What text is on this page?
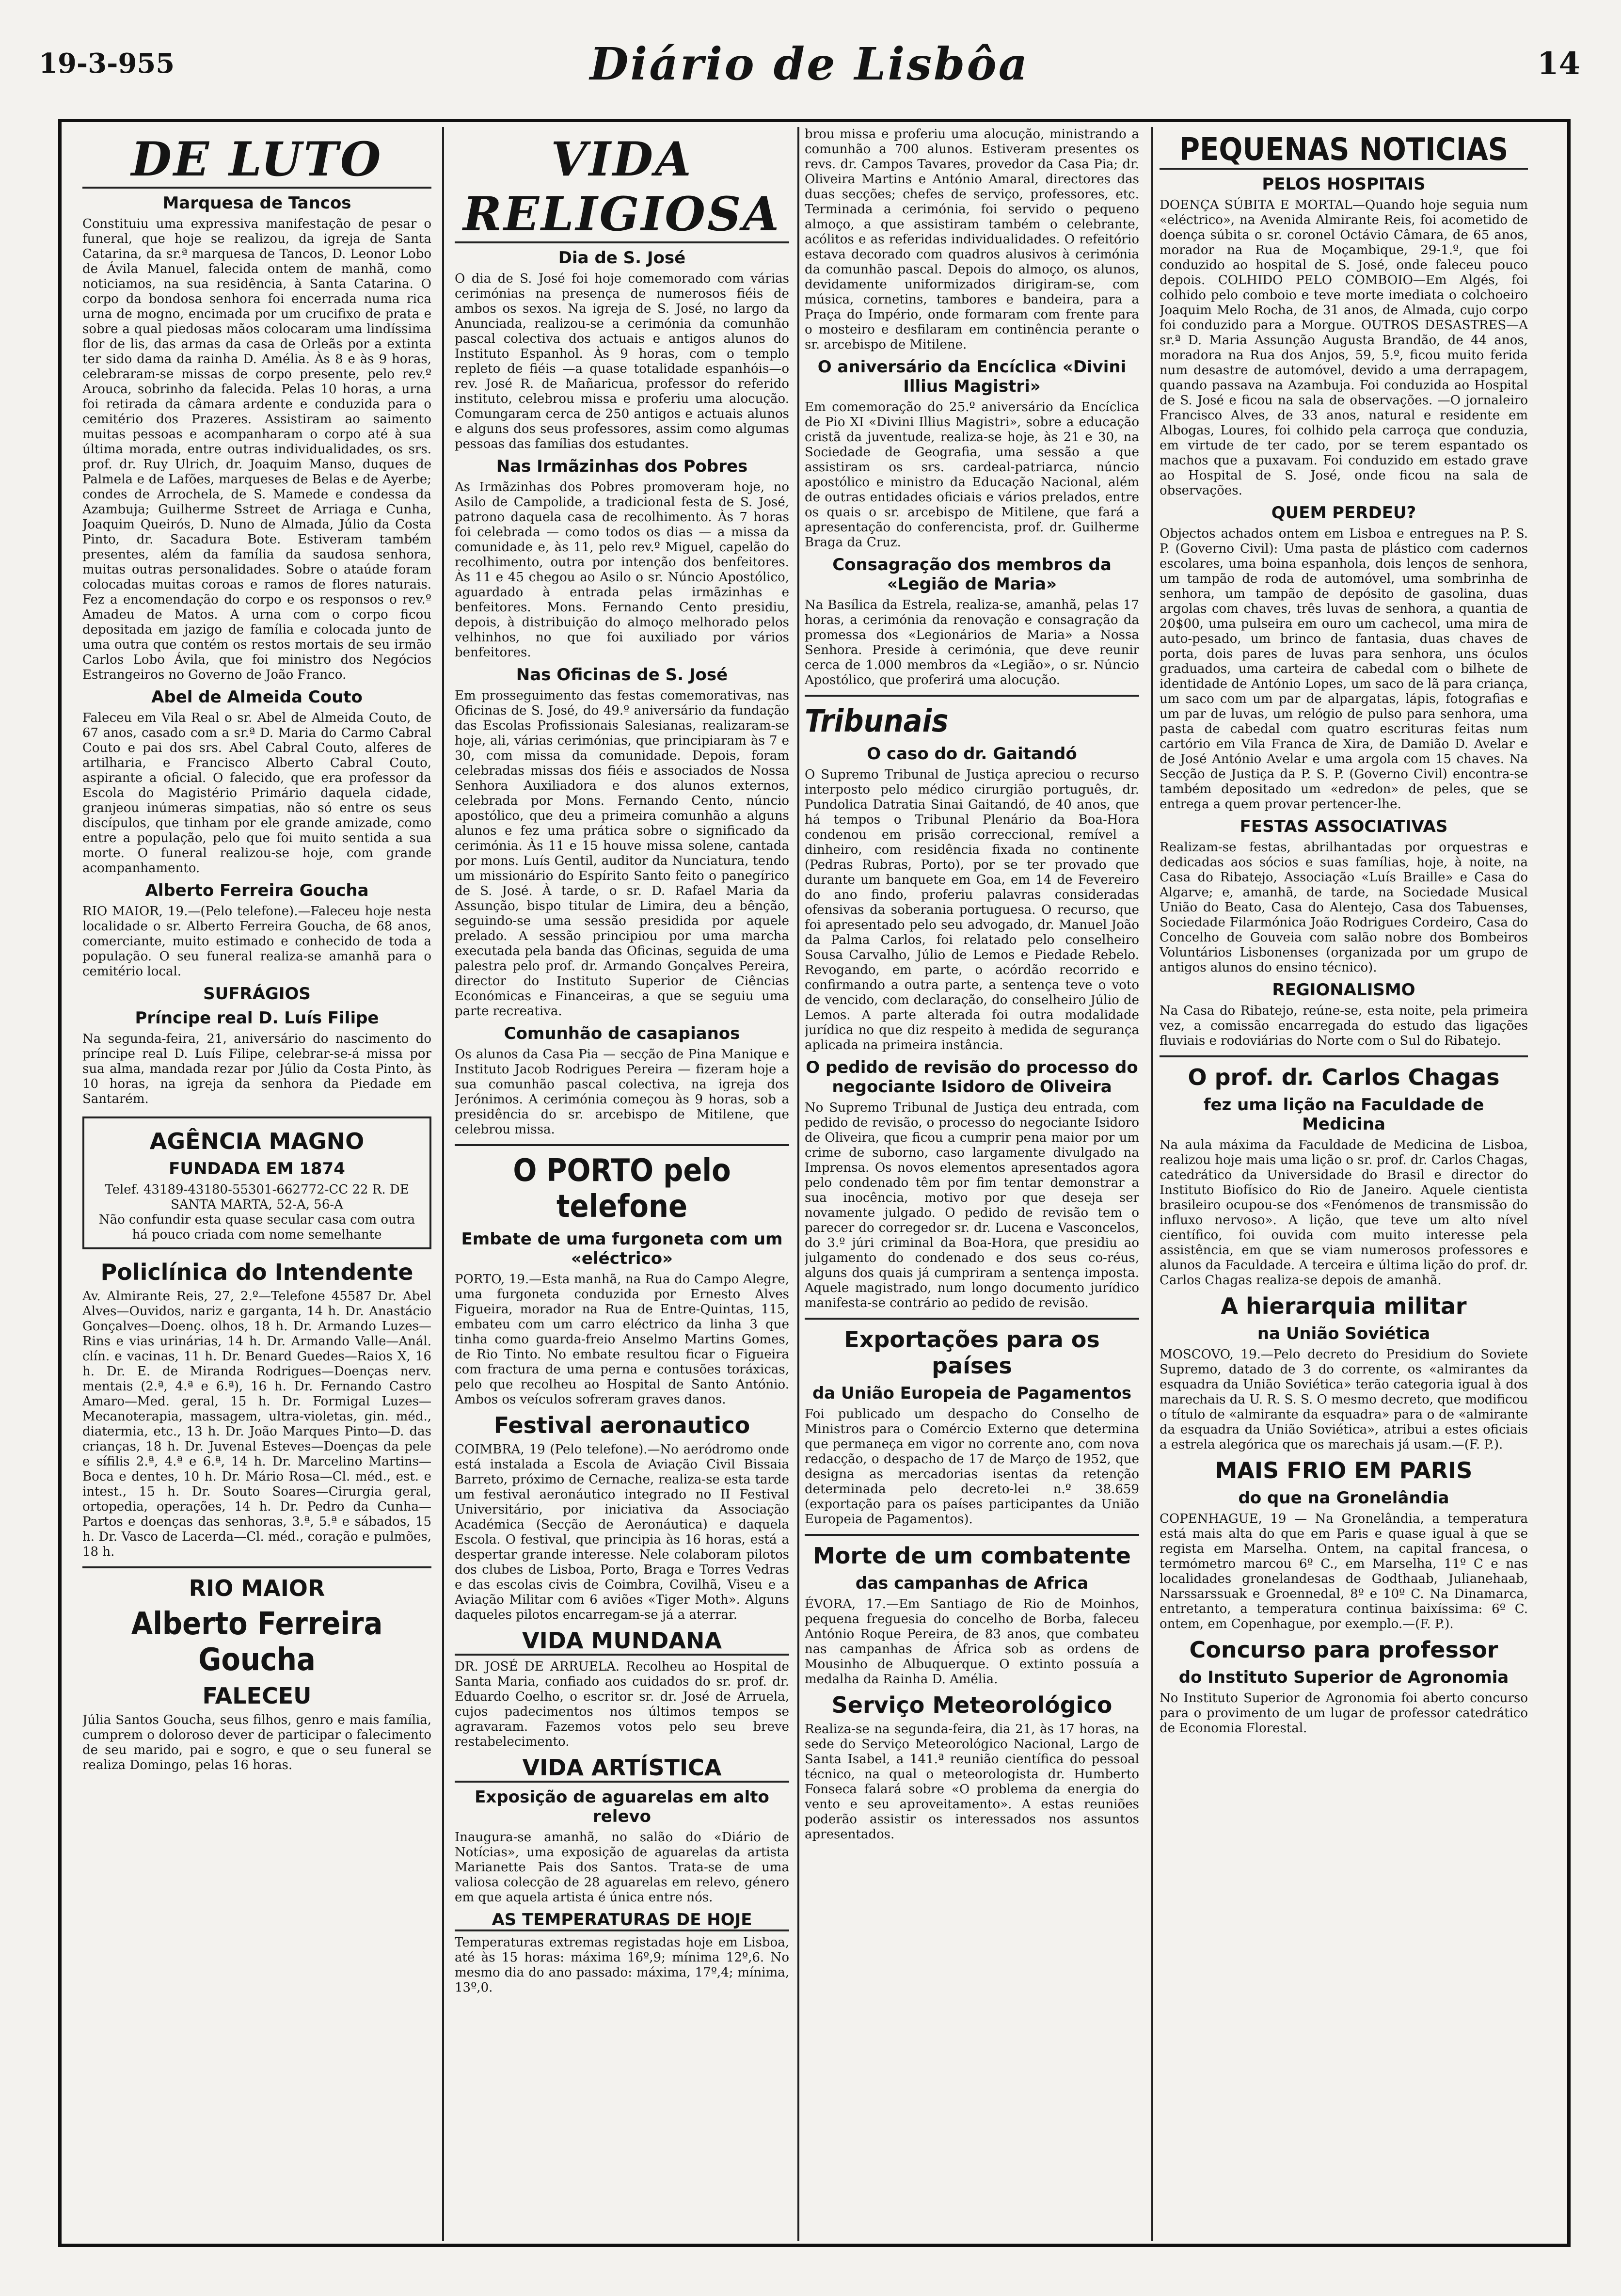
19-3-955	Diário de Lisbôa	14
DE LUTO
Marquesa de Tancos

Constituiu uma expressiva manifestação de pesar o funeral, que hoje se realizou, da igreja de Santa Catarina, da sr.ª marquesa de Tancos, D. Leonor Lobo de Ávila Manuel, falecida ontem de manhã, como noticiamos, na sua residência, à Santa Catarina. O corpo da bondosa senhora foi encerrada numa rica urna de mogno, encimada por um crucifixo de prata e sobre a qual piedosas mãos colocaram uma lindíssima flor de lis, das armas da casa de Orleãs por a extinta ter sido dama da rainha D. Amélia. Às 8 e às 9 horas, celebraram-se missas de corpo presente, pelo rev.º Arouca, sobrinho da falecida. Pelas 10 horas, a urna foi retirada da câmara ardente e conduzida para o cemitério dos Prazeres. Assistiram ao saimento muitas pessoas e acompanharam o corpo até à sua última morada, entre outras individualidades, os srs. prof. dr. Ruy Ulrich, dr. Joaquim Manso, duques de Palmela e de Lafões, marqueses de Belas e de Ayerbe; condes de Arrochela, de S. Mamede e condessa da Azambuja; Guilherme Sstreet de Arriaga e Cunha, Joaquim Queirós, D. Nuno de Almada, Júlio da Costa Pinto, dr. Sacadura Bote. Estiveram também presentes, além da família da saudosa senhora, muitas outras personalidades. Sobre o ataúde foram colocadas muitas coroas e ramos de flores naturais. Fez a encomendação do corpo e os responsos o rev.º Amadeu de Matos. A urna com o corpo ficou depositada em jazigo de família e colocada junto de uma outra que contém os restos mortais de seu irmão Carlos Lobo Ávila, que foi ministro dos Negócios Estrangeiros no Governo de João Franco.

Abel de Almeida Couto

Faleceu em Vila Real o sr. Abel de Almeida Couto, de 67 anos, casado com a sr.ª D. Maria do Carmo Cabral Couto e pai dos srs. Abel Cabral Couto, alferes de artilharia, e Francisco Alberto Cabral Couto, aspirante a oficial. O falecido, que era professor da Escola do Magistério Primário daquela cidade, granjeou inúmeras simpatias, não só entre os seus discípulos, que tinham por ele grande amizade, como entre a população, pelo que foi muito sentida a sua morte. O funeral realizou-se hoje, com grande acompanhamento.

Alberto Ferreira Goucha

RIO MAIOR, 19.—(Pelo telefone).—Faleceu hoje nesta localidade o sr. Alberto Ferreira Goucha, de 68 anos, comerciante, muito estimado e conhecido de toda a população. O seu funeral realiza-se amanhã para o cemitério local.

SUFRÁGIOS
Príncipe real D. Luís Filipe

Na segunda-feira, 21, aniversário do nascimento do príncipe real D. Luís Filipe, celebrar-se-á missa por sua alma, mandada rezar por Júlio da Costa Pinto, às 10 horas, na igreja da senhora da Piedade em Santarém.

AGÊNCIA MAGNO
FUNDADA EM 1874

Telef. 43189-43180-55301-662772-CC 22 R. DE SANTA MARTA, 52-A, 56-A

Não confundir esta quase secular casa com outra há pouco criada com nome semelhante

Policlínica do Intendente

Av. Almirante Reis, 27, 2.º—Telefone 45587 Dr. Abel Alves—Ouvidos, nariz e garganta, 14 h. Dr. Anastácio Gonçalves—Doenç. olhos, 18 h. Dr. Armando Luzes—Rins e vias urinárias, 14 h. Dr. Armando Valle—Anál. clín. e vacinas, 11 h. Dr. Benard Guedes—Raios X, 16 h. Dr. E. de Miranda Rodrigues—Doenças nerv. mentais (2.ª, 4.ª e 6.ª), 16 h. Dr. Fernando Castro Amaro—Med. geral, 15 h. Dr. Formigal Luzes—Mecanoterapia, massagem, ultra-violetas, gin. méd., diatermia, etc., 13 h. Dr. João Marques Pinto—D. das crianças, 18 h. Dr. Juvenal Esteves—Doenças da pele e sífilis 2.ª, 4.ª e 6.ª, 14 h. Dr. Marcelino Martins—Boca e dentes, 10 h. Dr. Mário Rosa—Cl. méd., est. e intest., 15 h. Dr. Souto Soares—Cirurgia geral, ortopedia, operações, 14 h. Dr. Pedro da Cunha—Partos e doenças das senhoras, 3.ª, 5.ª e sábados, 15 h. Dr. Vasco de Lacerda—Cl. méd., coração e pulmões, 18 h.

RIO MAIOR
Alberto Ferreira Goucha
FALECEU

Júlia Santos Goucha, seus filhos, genro e mais família, cumprem o doloroso dever de participar o falecimento de seu marido, pai e sogro, e que o seu funeral se realiza Domingo, pelas 16 horas.

VIDA RELIGIOSA
Dia de S. José

O dia de S. José foi hoje comemorado com várias cerimónias na presença de numerosos fiéis de ambos os sexos. Na igreja de S. José, no largo da Anunciada, realizou-se a cerimónia da comunhão pascal colectiva dos actuais e antigos alunos do Instituto Espanhol. Às 9 horas, com o templo repleto de fiéis —a quase totalidade espanhóis—o rev. José R. de Mañaricua, professor do referido instituto, celebrou missa e proferiu uma alocução. Comungaram cerca de 250 antigos e actuais alunos e alguns dos seus professores, assim como algumas pessoas das famílias dos estudantes.

Nas Irmãzinhas dos Pobres

As Irmãzinhas dos Pobres promoveram hoje, no Asilo de Campolide, a tradicional festa de S. José, patrono daquela casa de recolhimento. Às 7 horas foi celebrada — como todos os dias — a missa da comunidade e, às 11, pelo rev.º Miguel, capelão do recolhimento, outra por intenção dos benfeitores. Às 11 e 45 chegou ao Asilo o sr. Núncio Apostólico, aguardado à entrada pelas irmãzinhas e benfeitores. Mons. Fernando Cento presidiu, depois, à distribuição do almoço melhorado pelos velhinhos, no que foi auxiliado por vários benfeitores.

Nas Oficinas de S. José

Em prosseguimento das festas comemorativas, nas Oficinas de S. José, do 49.º aniversário da fundação das Escolas Profissionais Salesianas, realizaram-se hoje, ali, várias cerimónias, que principiaram às 7 e 30, com missa da comunidade. Depois, foram celebradas missas dos fiéis e associados de Nossa Senhora Auxiliadora e dos alunos externos, celebrada por Mons. Fernando Cento, núncio apostólico, que deu a primeira comunhão a alguns alunos e fez uma prática sobre o significado da cerimónia. Às 11 e 15 houve missa solene, cantada por mons. Luís Gentil, auditor da Nunciatura, tendo um missionário do Espírito Santo feito o panegírico de S. José. À tarde, o sr. D. Rafael Maria da Assunção, bispo titular de Limira, deu a bênção, seguindo-se uma sessão presidida por aquele prelado. A sessão principiou por uma marcha executada pela banda das Oficinas, seguida de uma palestra pelo prof. dr. Armando Gonçalves Pereira, director do Instituto Superior de Ciências Económicas e Financeiras, a que se seguiu uma parte recreativa.

Comunhão de casapianos

Os alunos da Casa Pia — secção de Pina Manique e Instituto Jacob Rodrigues Pereira — fizeram hoje a sua comunhão pascal colectiva, na igreja dos Jerónimos. A cerimónia começou às 9 horas, sob a presidência do sr. arcebispo de Mitilene, que celebrou missa.

O PORTO pelo telefone
Embate de uma furgoneta com um «eléctrico»

PORTO, 19.—Esta manhã, na Rua do Campo Alegre, uma furgoneta conduzida por Ernesto Alves Figueira, morador na Rua de Entre-Quintas, 115, embateu com um carro eléctrico da linha 3 que tinha como guarda-freio Anselmo Martins Gomes, de Rio Tinto. No embate resultou ficar o Figueira com fractura de uma perna e contusões toráxicas, pelo que recolheu ao Hospital de Santo António. Ambos os veículos sofreram graves danos.

Festival aeronautico

COIMBRA, 19 (Pelo telefone).—No aeródromo onde está instalada a Escola de Aviação Civil Bissaia Barreto, próximo de Cernache, realiza-se esta tarde um festival aeronáutico integrado no II Festival Universitário, por iniciativa da Associação Académica (Secção de Aeronáutica) e daquela Escola. O festival, que principia às 16 horas, está a despertar grande interesse. Nele colaboram pilotos dos clubes de Lisboa, Porto, Braga e Torres Vedras e das escolas civis de Coimbra, Covilhã, Viseu e a Aviação Militar com 6 aviões «Tiger Moth». Alguns daqueles pilotos encarregam-se já a aterrar.

VIDA MUNDANA

DR. JOSÉ DE ARRUELA. Recolheu ao Hospital de Santa Maria, confiado aos cuidados do sr. prof. dr. Eduardo Coelho, o escritor sr. dr. José de Arruela, cujos padecimentos nos últimos tempos se agravaram. Fazemos votos pelo seu breve restabelecimento.

VIDA ARTÍSTICA
Exposição de aguarelas em alto relevo

Inaugura-se amanhã, no salão do «Diário de Notícias», uma exposição de aguarelas da artista Marianette Pais dos Santos. Trata-se de uma valiosa colecção de 28 aguarelas em relevo, género em que aquela artista é única entre nós.

AS TEMPERATURAS DE HOJE

Temperaturas extremas registadas hoje em Lisboa, até às 15 horas: máxima 16º,9; mínima 12º,6. No mesmo dia do ano passado: máxima, 17º,4; mínima, 13º,0.

brou missa e proferiu uma alocução, ministrando a comunhão a 700 alunos. Estiveram presentes os revs. dr. Campos Tavares, provedor da Casa Pia; dr. Oliveira Martins e António Amaral, directores das duas secções; chefes de serviço, professores, etc. Terminada a cerimónia, foi servido o pequeno almoço, a que assistiram também o celebrante, acólitos e as referidas individualidades. O refeitório estava decorado com quadros alusivos à cerimónia da comunhão pascal. Depois do almoço, os alunos, devidamente uniformizados dirigiram-se, com música, cornetins, tambores e bandeira, para a Praça do Império, onde formaram com frente para o mosteiro e desfilaram em continência perante o sr. arcebispo de Mitilene.

O aniversário da Encíclica «Divini Illius Magistri»

Em comemoração do 25.º aniversário da Encíclica de Pio XI «Divini Illius Magistri», sobre a educação cristã da juventude, realiza-se hoje, às 21 e 30, na Sociedade de Geografia, uma sessão a que assistiram os srs. cardeal-patriarca, núncio apostólico e ministro da Educação Nacional, além de outras entidades oficiais e vários prelados, entre os quais o sr. arcebispo de Mitilene, que fará a apresentação do conferencista, prof. dr. Guilherme Braga da Cruz.

Consagração dos membros da «Legião de Maria»

Na Basílica da Estrela, realiza-se, amanhã, pelas 17 horas, a cerimónia da renovação e consagração da promessa dos «Legionários de Maria» a Nossa Senhora. Preside à cerimónia, que deve reunir cerca de 1.000 membros da «Legião», o sr. Núncio Apostólico, que proferirá uma alocução.

Tribunais
O caso do dr. Gaitandó

O Supremo Tribunal de Justiça apreciou o recurso interposto pelo médico cirurgião português, dr. Pundolica Datratia Sinai Gaitandó, de 40 anos, que há tempos o Tribunal Plenário da Boa-Hora condenou em prisão correccional, remível a dinheiro, com residência fixada no continente (Pedras Rubras, Porto), por se ter provado que durante um banquete em Goa, em 14 de Fevereiro do ano findo, proferiu palavras consideradas ofensivas da soberania portuguesa. O recurso, que foi apresentado pelo seu advogado, dr. Manuel João da Palma Carlos, foi relatado pelo conselheiro Sousa Carvalho, Júlio de Lemos e Piedade Rebelo. Revogando, em parte, o acórdão recorrido e confirmando a outra parte, a sentença teve o voto de vencido, com declaração, do conselheiro Júlio de Lemos. A parte alterada foi outra modalidade jurídica no que diz respeito à medida de segurança aplicada na primeira instância.

O pedido de revisão do processo do negociante Isidoro de Oliveira

No Supremo Tribunal de Justiça deu entrada, com pedido de revisão, o processo do negociante Isidoro de Oliveira, que ficou a cumprir pena maior por um crime de suborno, caso largamente divulgado na Imprensa. Os novos elementos apresentados agora pelo condenado têm por fim tentar demonstrar a sua inocência, motivo por que deseja ser novamente julgado. O pedido de revisão tem o parecer do corregedor sr. dr. Lucena e Vasconcelos, do 3.º júri criminal da Boa-Hora, que presidiu ao julgamento do condenado e dos seus co-réus, alguns dos quais já cumpriram a sentença imposta. Aquele magistrado, num longo documento jurídico manifesta-se contrário ao pedido de revisão.

Exportações para os países
da União Europeia de Pagamentos

Foi publicado um despacho do Conselho de Ministros para o Comércio Externo que determina que permaneça em vigor no corrente ano, com nova redacção, o despacho de 17 de Março de 1952, que designa as mercadorias isentas da retenção determinada pelo decreto-lei n.º 38.659 (exportação para os países participantes da União Europeia de Pagamentos).

Morte de um combatente
das campanhas de Africa

ÉVORA, 17.—Em Santiago de Rio de Moinhos, pequena freguesia do concelho de Borba, faleceu António Roque Pereira, de 83 anos, que combateu nas campanhas de África sob as ordens de Mousinho de Albuquerque. O extinto possuía a medalha da Rainha D. Amélia.

Serviço Meteorológico

Realiza-se na segunda-feira, dia 21, às 17 horas, na sede do Serviço Meteorológico Nacional, Largo de Santa Isabel, a 141.ª reunião científica do pessoal técnico, na qual o meteorologista dr. Humberto Fonseca falará sobre «O problema da energia do vento e seu aproveitamento». A estas reuniões poderão assistir os interessados nos assuntos apresentados.

PEQUENAS NOTICIAS
PELOS HOSPITAIS

DOENÇA SÚBITA E MORTAL—Quando hoje seguia num «eléctrico», na Avenida Almirante Reis, foi acometido de doença súbita o sr. coronel Octávio Câmara, de 65 anos, morador na Rua de Moçambique, 29-1.º, que foi conduzido ao hospital de S. José, onde faleceu pouco depois. COLHIDO PELO COMBOIO—Em Algés, foi colhido pelo comboio e teve morte imediata o colchoeiro Joaquim Melo Rocha, de 31 anos, de Almada, cujo corpo foi conduzido para a Morgue. OUTROS DESASTRES—A sr.ª D. Maria Assunção Augusta Brandão, de 44 anos, moradora na Rua dos Anjos, 59, 5.º, ficou muito ferida num desastre de automóvel, devido a uma derrapagem, quando passava na Azambuja. Foi conduzida ao Hospital de S. José e ficou na sala de observações. —O jornaleiro Francisco Alves, de 33 anos, natural e residente em Albogas, Loures, foi colhido pela carroça que conduzia, em virtude de ter cado, por se terem espantado os machos que a puxavam. Foi conduzido em estado grave ao Hospital de S. José, onde ficou na sala de observações.

QUEM PERDEU?

Objectos achados ontem em Lisboa e entregues na P. S. P. (Governo Civil): Uma pasta de plástico com cadernos escolares, uma boina espanhola, dois lenços de senhora, um tampão de roda de automóvel, uma sombrinha de senhora, um tampão de depósito de gasolina, duas argolas com chaves, três luvas de senhora, a quantia de 20$00, uma pulseira em ouro um cachecol, uma mira de auto-pesado, um brinco de fantasia, duas chaves de porta, dois pares de luvas para senhora, uns óculos graduados, uma carteira de cabedal com o bilhete de identidade de António Lopes, um saco de lã para criança, um saco com um par de alpargatas, lápis, fotografias e um par de luvas, um relógio de pulso para senhora, uma pasta de cabedal com quatro escrituras feitas num cartório em Vila Franca de Xira, de Damião D. Avelar e de José António Avelar e uma argola com 15 chaves. Na Secção de Justiça da P. S. P. (Governo Civil) encontra-se também depositado um «edredon» de peles, que se entrega a quem provar pertencer-lhe.

FESTAS ASSOCIATIVAS

Realizam-se festas, abrilhantadas por orquestras e dedicadas aos sócios e suas famílias, hoje, à noite, na Casa do Ribatejo, Associação «Luís Braille» e Casa do Algarve; e, amanhã, de tarde, na Sociedade Musical União do Beato, Casa do Alentejo, Casa dos Tabuenses, Sociedade Filarmónica João Rodrigues Cordeiro, Casa do Concelho de Gouveia com salão nobre dos Bombeiros Voluntários Lisbonenses (organizada por um grupo de antigos alunos do ensino técnico).

REGIONALISMO

Na Casa do Ribatejo, reúne-se, esta noite, pela primeira vez, a comissão encarregada do estudo das ligações fluviais e rodoviárias do Norte com o Sul do Ribatejo.

O prof. dr. Carlos Chagas
fez uma lição na Faculdade de Medicina

Na aula máxima da Faculdade de Medicina de Lisboa, realizou hoje mais uma lição o sr. prof. dr. Carlos Chagas, catedrático da Universidade do Brasil e director do Instituto Biofísico do Rio de Janeiro. Aquele cientista brasileiro ocupou-se dos «Fenómenos de transmissão do influxo nervoso». A lição, que teve um alto nível científico, foi ouvida com muito interesse pela assistência, em que se viam numerosos professores e alunos da Faculdade. A terceira e última lição do prof. dr. Carlos Chagas realiza-se depois de amanhã.

A hierarquia militar
na União Soviética

MOSCOVO, 19.—Pelo decreto do Presidium do Soviete Supremo, datado de 3 do corrente, os «almirantes da esquadra da União Soviética» terão categoria igual à dos marechais da U. R. S. S. O mesmo decreto, que modificou o título de «almirante da esquadra» para o de «almirante da esquadra da União Soviética», atribui a estes oficiais a estrela alegórica que os marechais já usam.—(F. P.).

MAIS FRIO EM PARIS
do que na Gronelândia

COPENHAGUE, 19 — Na Gronelândia, a temperatura está mais alta do que em Paris e quase igual à que se regista em Marselha. Ontem, na capital francesa, o termómetro marcou 6º C., em Marselha, 11º C e nas localidades gronelandesas de Godthaab, Julianehaab, Narssarssuak e Groennedal, 8º e 10º C. Na Dinamarca, entretanto, a temperatura continua baixíssima: 6º C. ontem, em Copenhague, por exemplo.—(F. P.).

Concurso para professor
do Instituto Superior de Agronomia

No Instituto Superior de Agronomia foi aberto concurso para o provimento de um lugar de professor catedrático de Economia Florestal.
